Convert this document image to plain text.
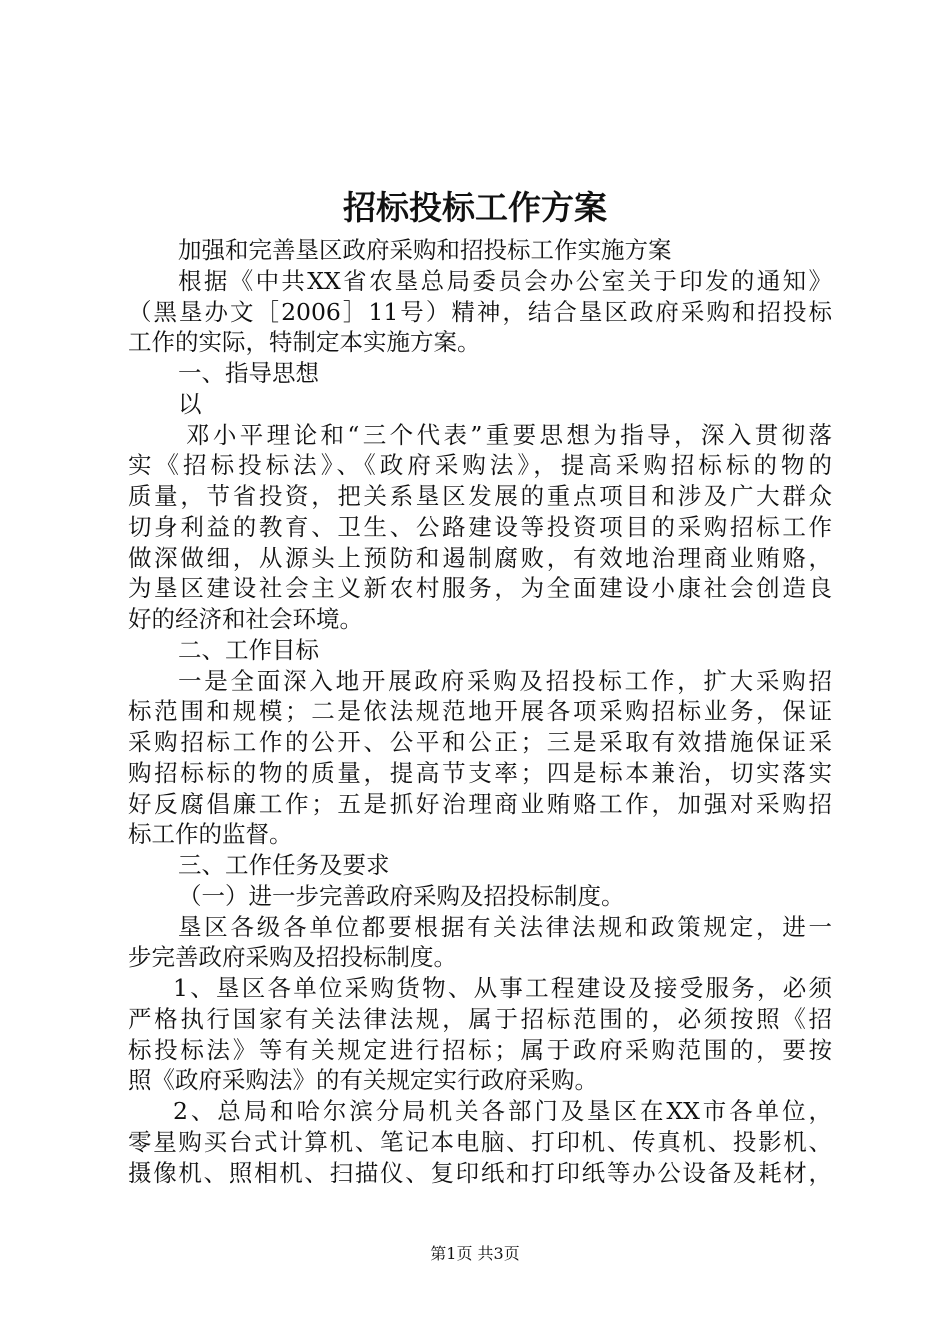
招标投标工作方案
加强和完善垦区政府采购和招投标工作实施方案
根据《中共XX省农垦总局委员会办公室关于印发的通知》
（黑垦办文［2006］11号）精神，结合垦区政府采购和招投标
工作的实际，特制定本实施方案。
一、指导思想
以
邓小平理论和“三个代表”重要思想为指导，深入贯彻落
实《招标投标法》、《政府采购法》，提高采购招标标的物的
质量，节省投资，把关系垦区发展的重点项目和涉及广大群众
切身利益的教育、卫生、公路建设等投资项目的采购招标工作
做深做细，从源头上预防和遏制腐败，有效地治理商业贿赂，
为垦区建设社会主义新农村服务，为全面建设小康社会创造良
好的经济和社会环境。
二、工作目标
一是全面深入地开展政府采购及招投标工作，扩大采购招
标范围和规模；二是依法规范地开展各项采购招标业务，保证
采购招标工作的公开、公平和公正；三是采取有效措施保证采
购招标标的物的质量，提高节支率；四是标本兼治，切实落实
好反腐倡廉工作；五是抓好治理商业贿赂工作，加强对采购招
标工作的监督。
三、工作任务及要求
（一）进一步完善政府采购及招投标制度。
垦区各级各单位都要根据有关法律法规和政策规定，进一
步完善政府采购及招投标制度。
1、垦区各单位采购货物、从事工程建设及接受服务，必须
严格执行国家有关法律法规，属于招标范围的，必须按照《招
标投标法》等有关规定进行招标；属于政府采购范围的，要按
照《政府采购法》的有关规定实行政府采购。
2、总局和哈尔滨分局机关各部门及垦区在XX市各单位，
零星购买台式计算机、笔记本电脑、打印机、传真机、投影机、
摄像机、照相机、扫描仪、复印纸和打印纸等办公设备及耗材，
第1页 共3页
